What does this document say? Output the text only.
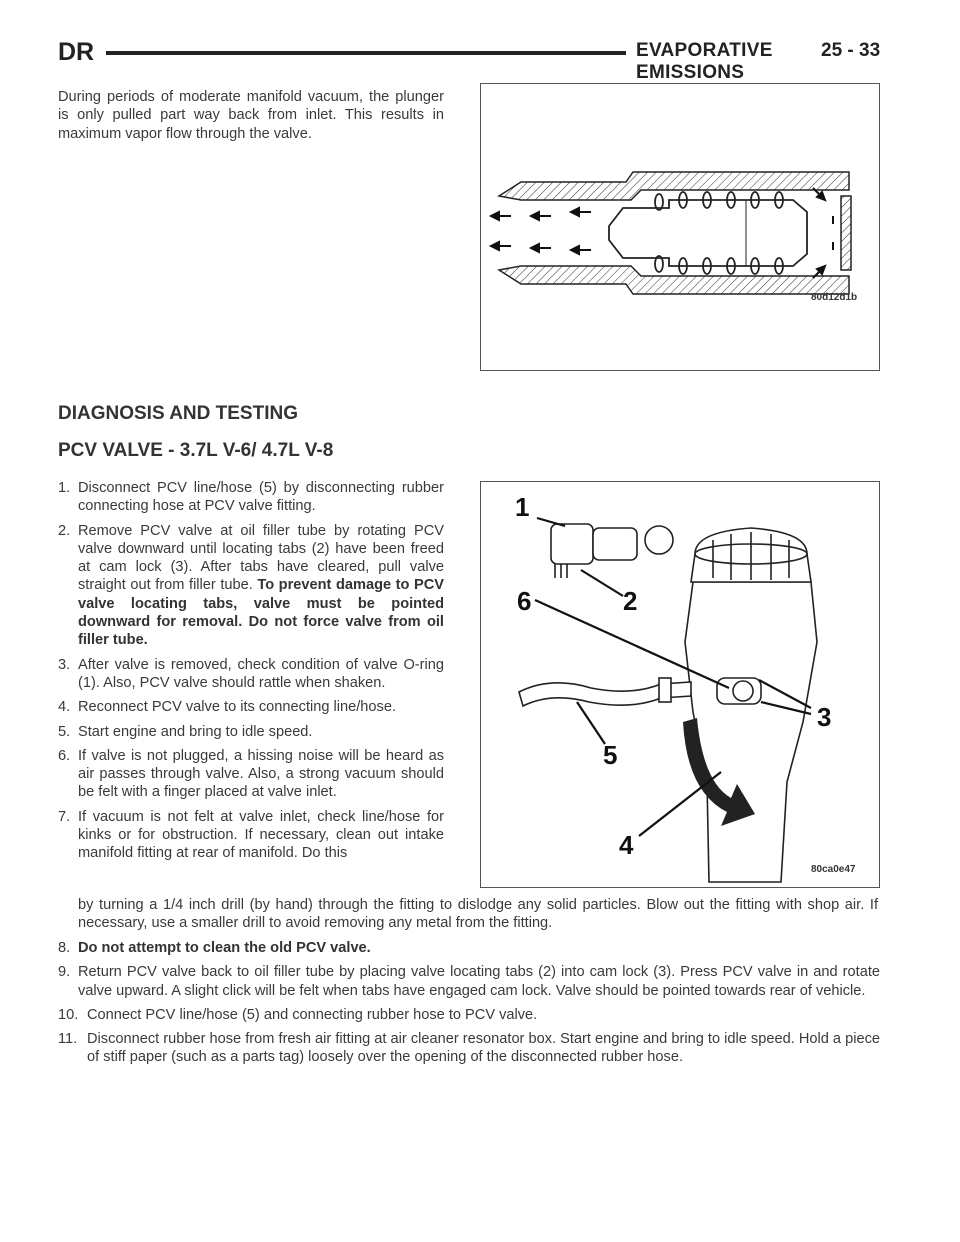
DR	EVAPORATIVE EMISSIONS
25 - 33
During periods of moderate manifold vacuum, the plunger is only pulled part way back from inlet. This results in maximum vapor flow through the valve.
80d12d1b
DIAGNOSIS AND TESTING
PCV VALVE - 3.7L V-6/ 4.7L V-8
1. Disconnect PCV line/hose (5) by disconnecting rubber connecting hose at PCV valve fitting.
2. Remove PCV valve at oil filler tube by rotating PCV valve downward until locating tabs (2) have been freed at cam lock (3). After tabs have cleared, pull valve straight out from filler tube. To prevent damage to PCV valve locating tabs, valve must be pointed downward for removal. Do not force valve from oil filler tube.
3. After valve is removed, check condition of valve O-ring (1). Also, PCV valve should rattle when shaken.
4. Reconnect PCV valve to its connecting line/hose.
5. Start engine and bring to idle speed.
6. If valve is not plugged, a hissing noise will be heard as air passes through valve. Also, a strong vacuum should be felt with a finger placed at valve inlet.
7. If vacuum is not felt at valve inlet, check line/hose for kinks or for obstruction. If necessary, clean out intake manifold fitting at rear of manifold. Do this
by turning a 1/4 inch drill (by hand) through the fitting to dislodge any solid particles. Blow out the fitting with shop air. If necessary, use a smaller drill to avoid removing any metal from the fitting.
1
2
3
4
5
6
80ca0e47
8. Do not attempt to clean the old PCV valve.
9. Return PCV valve back to oil filler tube by placing valve locating tabs (2) into cam lock (3). Press PCV valve in and rotate valve upward. A slight click will be felt when tabs have engaged cam lock. Valve should be pointed towards rear of vehicle.
10. Connect PCV line/hose (5) and connecting rubber hose to PCV valve.
11. Disconnect rubber hose from fresh air fitting at air cleaner resonator box. Start engine and bring to idle speed. Hold a piece of stiff paper (such as a parts tag) loosely over the opening of the disconnected rubber hose.
